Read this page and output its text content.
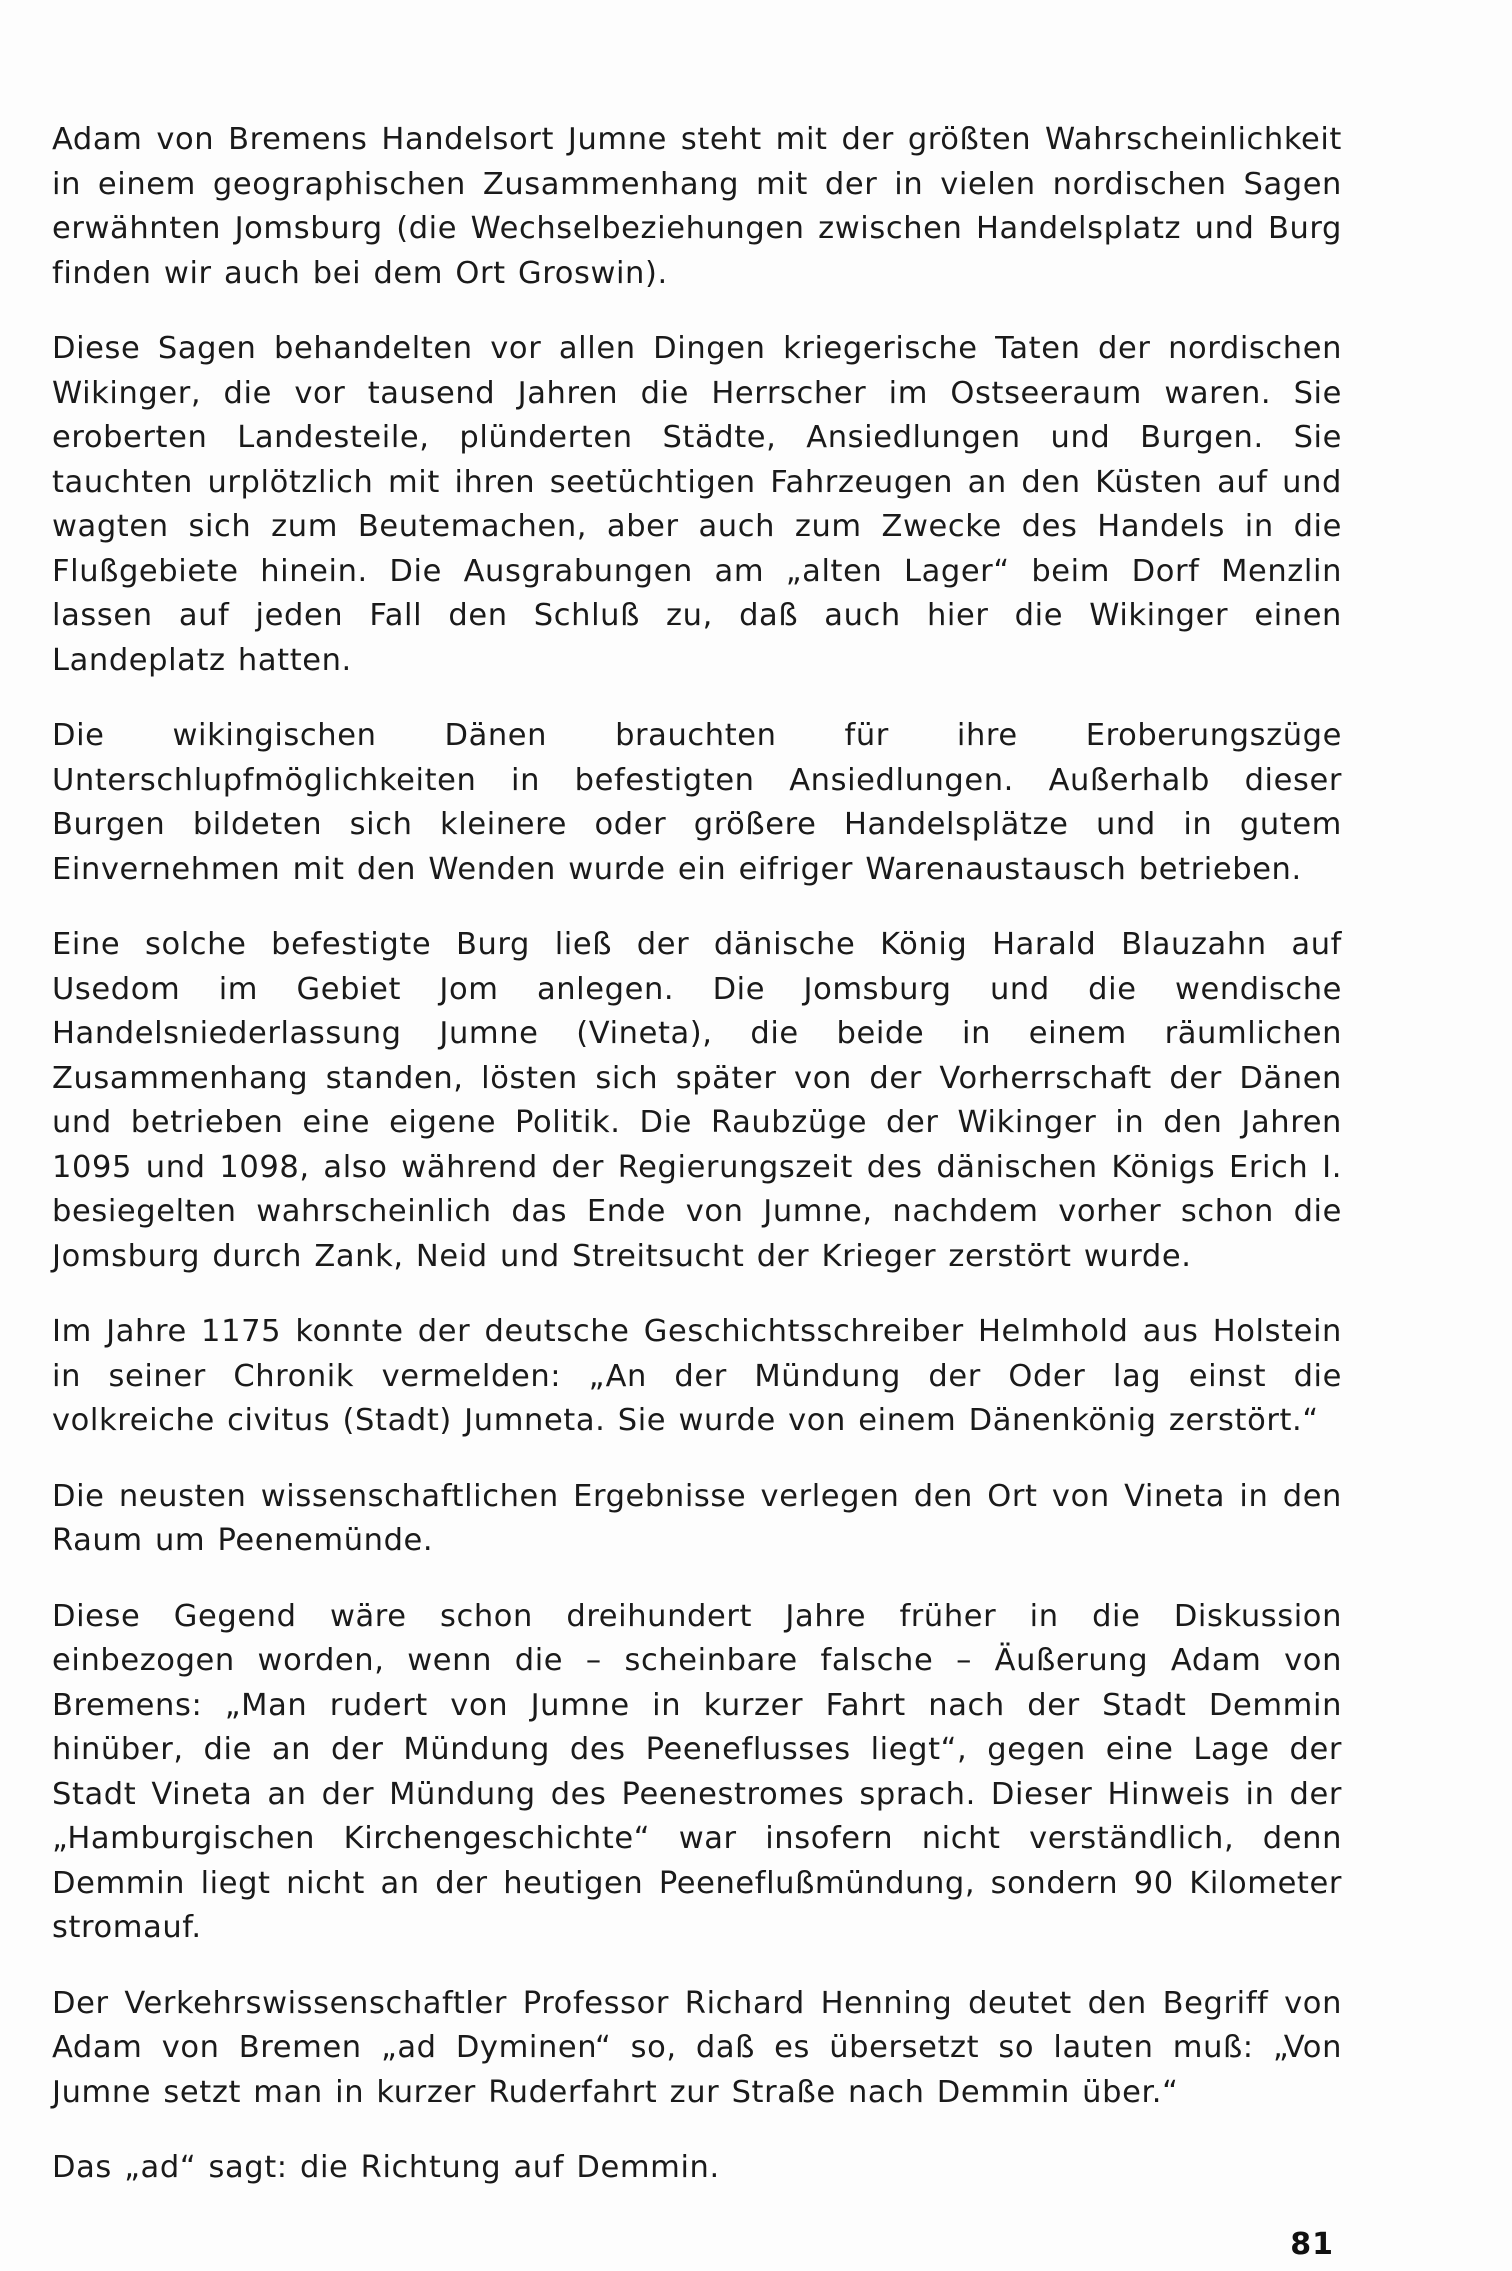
Adam von Bremens Handelsort Jumne steht mit der größten Wahrscheinlichkeit in einem geographischen Zusammenhang mit der in vielen nordischen Sagen erwähnten Jomsburg (die Wechselbeziehungen zwischen Handelsplatz und Burg finden wir auch bei dem Ort Groswin).

Diese Sagen behandelten vor allen Dingen kriegerische Taten der nordischen Wikinger, die vor tausend Jahren die Herrscher im Ostseeraum waren. Sie eroberten Landesteile, plünderten Städte, Ansiedlungen und Burgen. Sie tauchten urplötzlich mit ihren seetüchtigen Fahrzeugen an den Küsten auf und wagten sich zum Beutemachen, aber auch zum Zwecke des Handels in die Flußgebiete hinein. Die Ausgrabungen am „alten Lager“ beim Dorf Menzlin lassen auf jeden Fall den Schluß zu, daß auch hier die Wikinger einen Landeplatz hatten.

Die wikingischen Dänen brauchten für ihre Eroberungszüge Unterschlupfmöglichkeiten in befestigten Ansiedlungen. Außerhalb dieser Burgen bildeten sich kleinere oder größere Handelsplätze und in gutem Einvernehmen mit den Wenden wurde ein eifriger Warenaustausch betrieben.

Eine solche befestigte Burg ließ der dänische König Harald Blauzahn auf Usedom im Gebiet Jom anlegen. Die Jomsburg und die wendische Handelsniederlassung Jumne (Vineta), die beide in einem räumlichen Zusammenhang standen, lösten sich später von der Vorherrschaft der Dänen und betrieben eine eigene Politik. Die Raubzüge der Wikinger in den Jahren 1095 und 1098, also während der Regierungszeit des dänischen Königs Erich I. besiegelten wahrscheinlich das Ende von Jumne, nachdem vorher schon die Jomsburg durch Zank, Neid und Streitsucht der Krieger zerstört wurde.

Im Jahre 1175 konnte der deutsche Geschichtsschreiber Helmhold aus Holstein in seiner Chronik vermelden: „An der Mündung der Oder lag einst die volkreiche civitus (Stadt) Jumneta. Sie wurde von einem Dänenkönig zerstört.“

Die neusten wissenschaftlichen Ergebnisse verlegen den Ort von Vineta in den Raum um Peenemünde.

Diese Gegend wäre schon dreihundert Jahre früher in die Diskussion einbezogen worden, wenn die – scheinbare falsche – Äußerung Adam von Bremens: „Man rudert von Jumne in kurzer Fahrt nach der Stadt Demmin hinüber, die an der Mündung des Peeneflusses liegt“, gegen eine Lage der Stadt Vineta an der Mündung des Peenestromes sprach. Dieser Hinweis in der „Hamburgischen Kirchengeschichte“ war insofern nicht verständlich, denn Demmin liegt nicht an der heutigen Peeneflußmündung, sondern 90 Kilometer stromauf.

Der Verkehrswissenschaftler Professor Richard Henning deutet den Begriff von Adam von Bremen „ad Dyminen“ so, daß es übersetzt so lauten muß: „Von Jumne setzt man in kurzer Ruderfahrt zur Straße nach Demmin über.“

Das „ad“ sagt: die Richtung auf Demmin.

81
